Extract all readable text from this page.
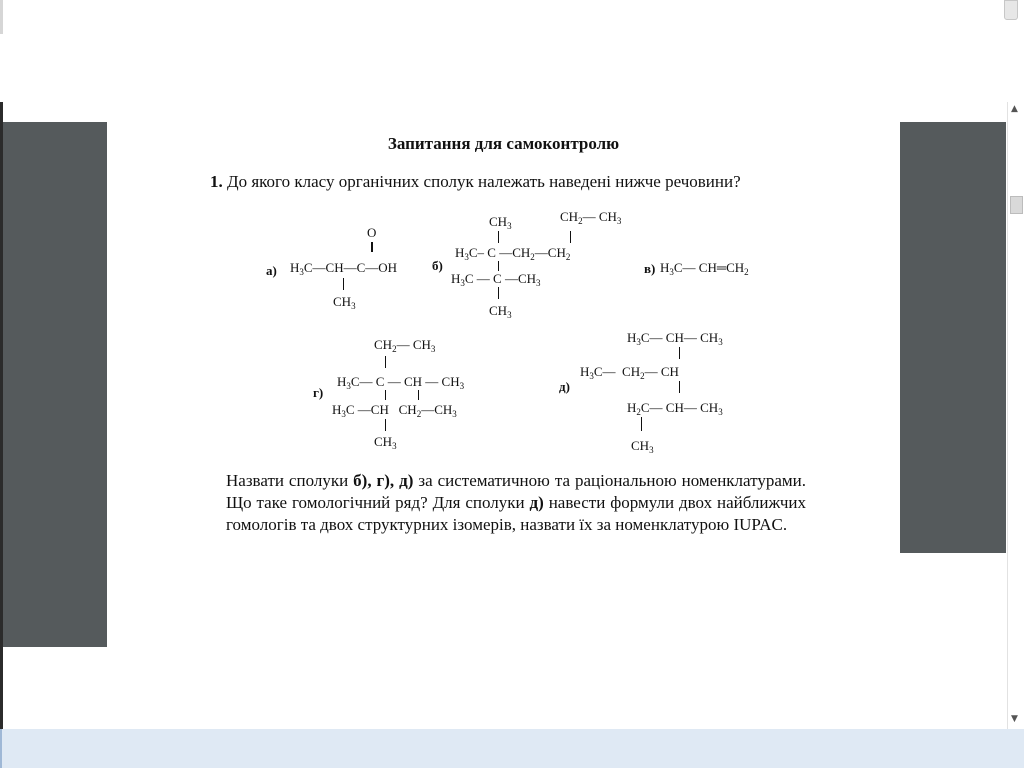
▲
▼
Запитання для самоконтролю
1. До якого класу органічних сполук належать наведені нижче речовини?
а)
O
$H_3C—CH—C—OH$
$CH_3$
б)
$CH_3$
$CH_2—$ $CH_3$
$H_3C-$ C $—CH_2—CH_2$
$H_3C$ — C $—CH_3$
$CH_3$
в) $H_3C—$ $CH═CH_2$
г)
$CH_2—$ $CH_3$
$H_3C—$ C — CH — $CH_3$
$H_3C$ —CH   $CH_2—CH_3$
$CH_3$
д)
$H_3C—$ CH— $CH_3$
$H_3C—$  $CH_2—$ CH
$H_2C—$ CH— $CH_3$
$CH_3$
Назвати сполуки б), г), д) за систематичною та раціональною номенклатурами. Що таке гомологічний ряд? Для сполуки д) навести формули двох найближчих гомологів та двох структурних ізомерів, назвати їх за номенклатурою IUPAC.
